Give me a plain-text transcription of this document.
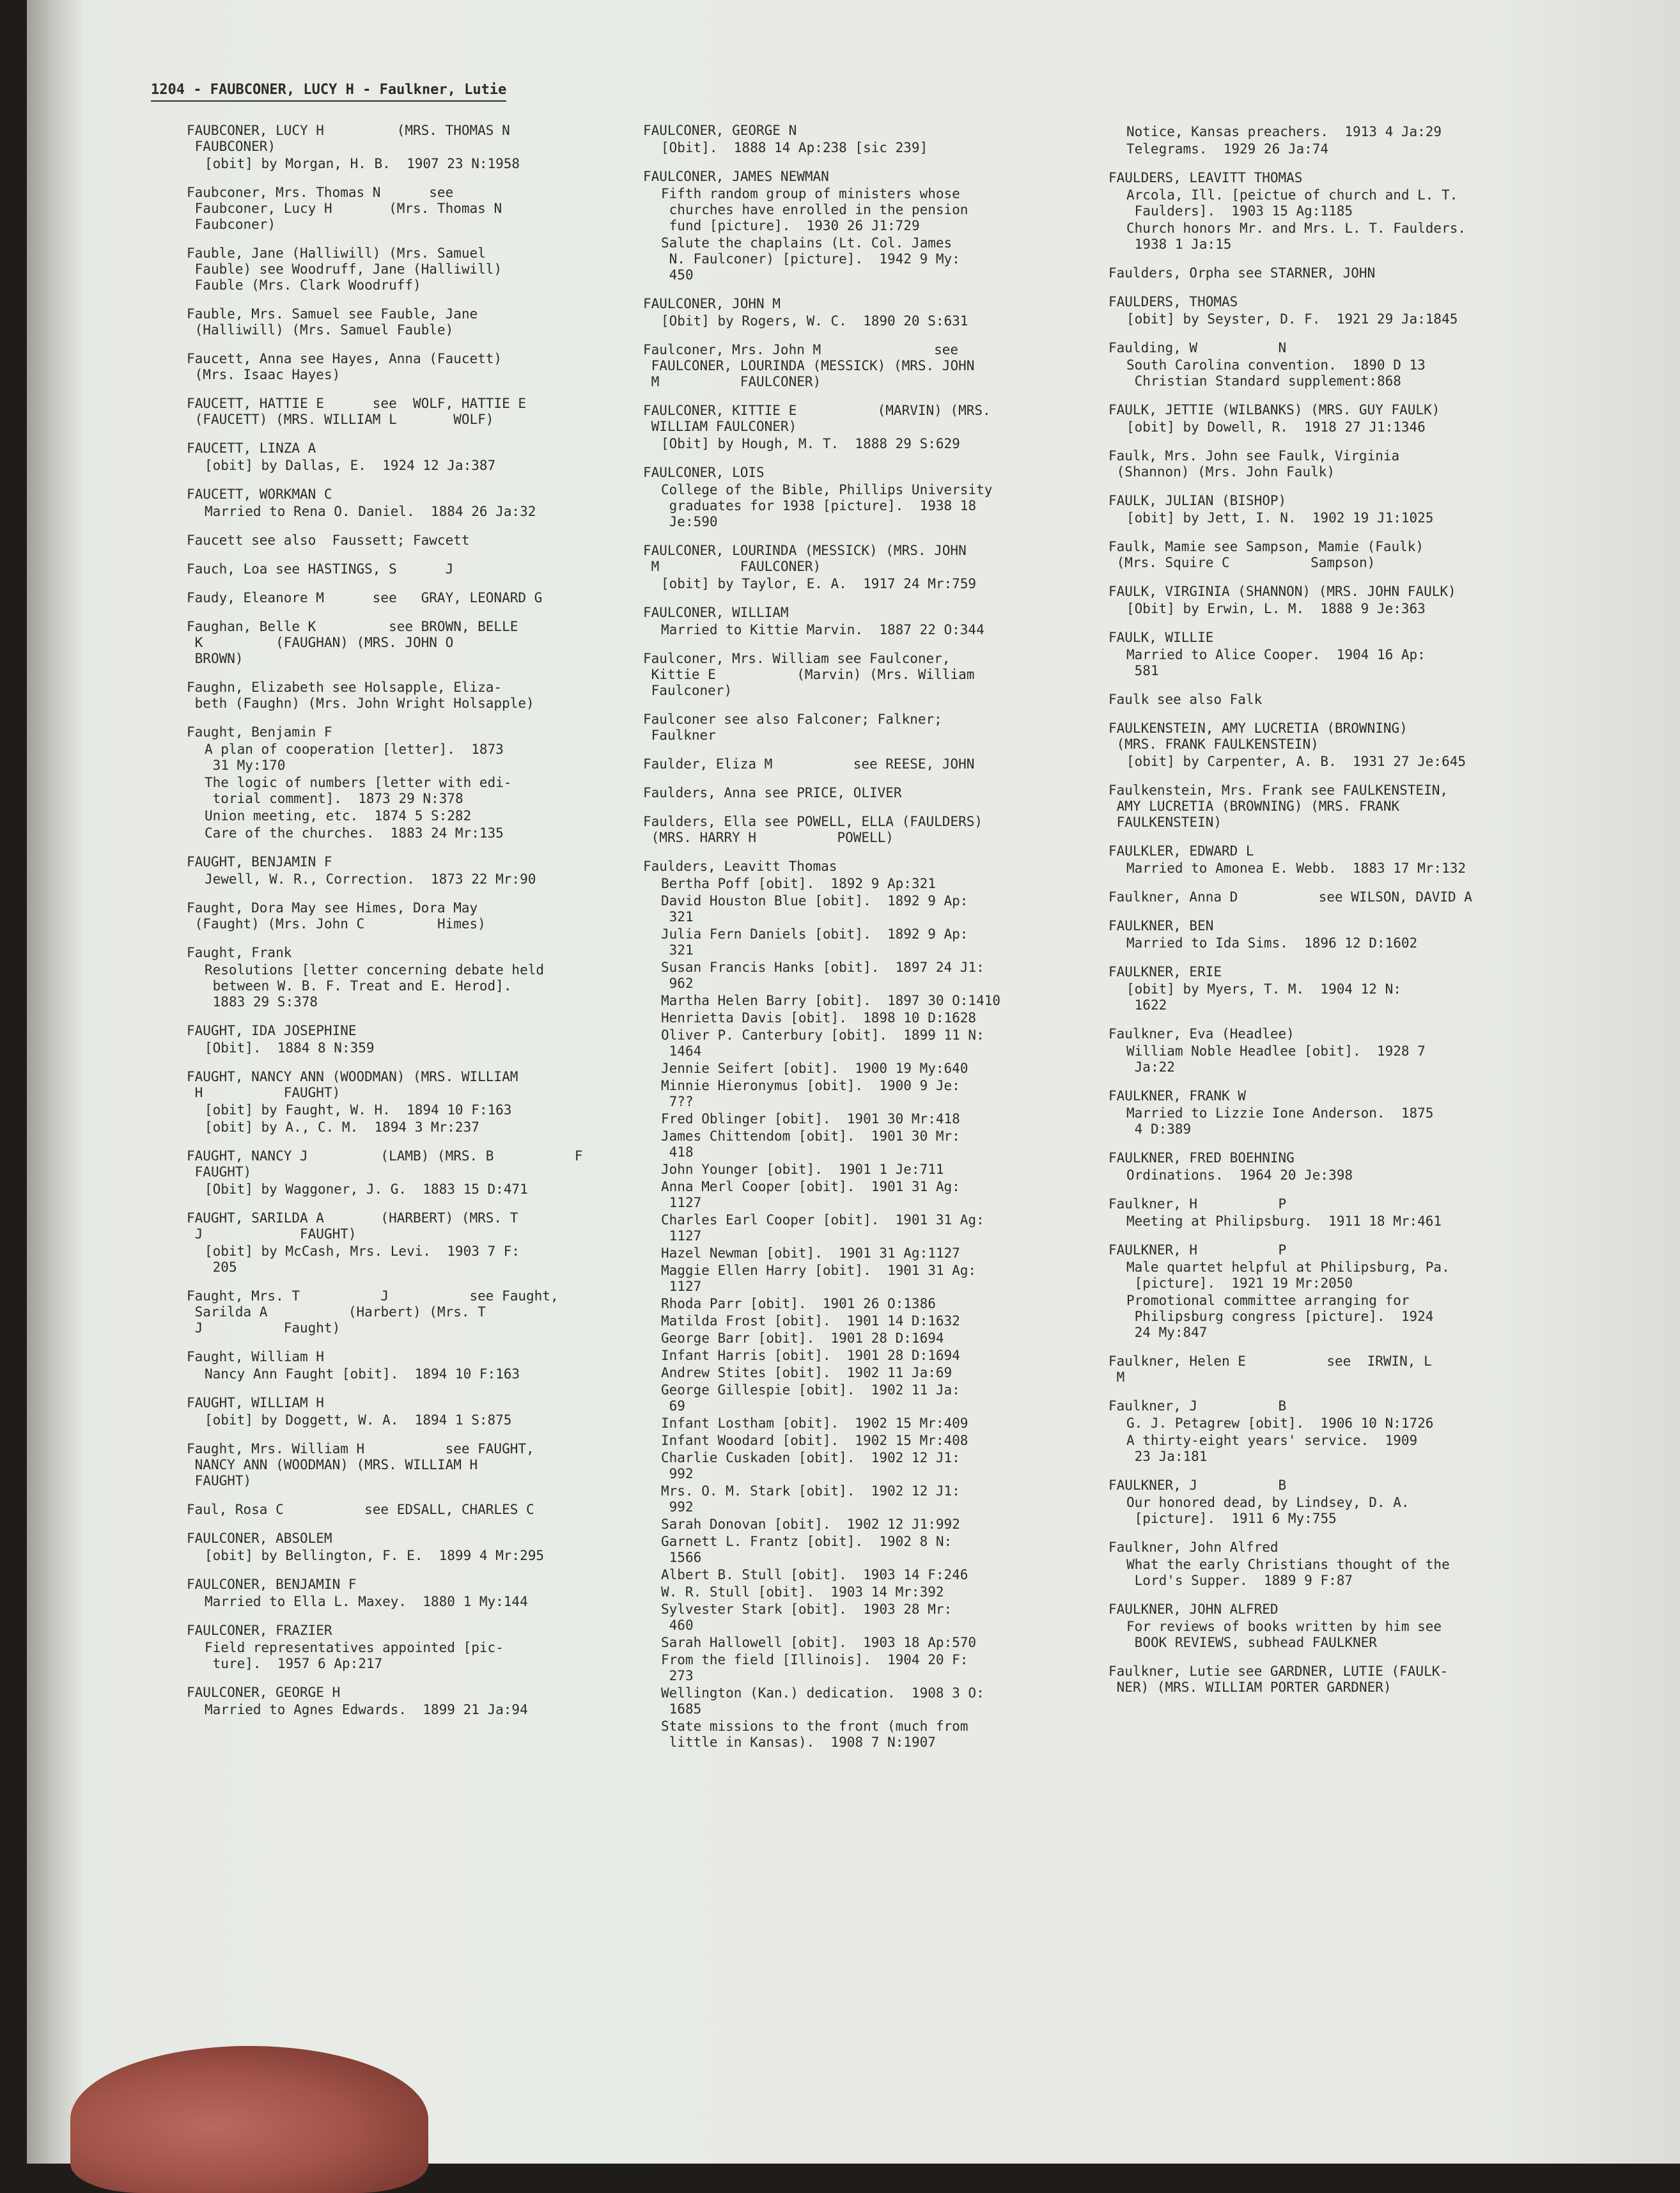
1204 - FAUBCONER, LUCY H - Faulkner, Lutie
FAUBCONER, LUCY H         (MRS. THOMAS N
FAUBCONER)
[obit] by Morgan, H. B.  1907 23 N:1958
Faubconer, Mrs. Thomas N      see
Faubconer, Lucy H       (Mrs. Thomas N
Faubconer)
Fauble, Jane (Halliwill) (Mrs. Samuel
Fauble) see Woodruff, Jane (Halliwill)
Fauble (Mrs. Clark Woodruff)
Fauble, Mrs. Samuel see Fauble, Jane
(Halliwill) (Mrs. Samuel Fauble)
Faucett, Anna see Hayes, Anna (Faucett)
(Mrs. Isaac Hayes)
FAUCETT, HATTIE E      see  WOLF, HATTIE E
(FAUCETT) (MRS. WILLIAM L       WOLF)
FAUCETT, LINZA A
[obit] by Dallas, E.  1924 12 Ja:387
FAUCETT, WORKMAN C
Married to Rena O. Daniel.  1884 26 Ja:32
Faucett see also  Faussett; Fawcett
Fauch, Loa see HASTINGS, S      J
Faudy, Eleanore M      see   GRAY, LEONARD G
Faughan, Belle K         see BROWN, BELLE
K         (FAUGHAN) (MRS. JOHN O
BROWN)
Faughn, Elizabeth see Holsapple, Eliza-
beth (Faughn) (Mrs. John Wright Holsapple)
Faught, Benjamin F
A plan of cooperation [letter].  1873
31 My:170
The logic of numbers [letter with edi-
torial comment].  1873 29 N:378
Union meeting, etc.  1874 5 S:282
Care of the churches.  1883 24 Mr:135
FAUGHT, BENJAMIN F
Jewell, W. R., Correction.  1873 22 Mr:90
Faught, Dora May see Himes, Dora May
(Faught) (Mrs. John C         Himes)
Faught, Frank
Resolutions [letter concerning debate held
between W. B. F. Treat and E. Herod].
1883 29 S:378
FAUGHT, IDA JOSEPHINE
[Obit].  1884 8 N:359
FAUGHT, NANCY ANN (WOODMAN) (MRS. WILLIAM
H          FAUGHT)
[obit] by Faught, W. H.  1894 10 F:163
[obit] by A., C. M.  1894 3 Mr:237
FAUGHT, NANCY J         (LAMB) (MRS. B          F
FAUGHT)
[Obit] by Waggoner, J. G.  1883 15 D:471
FAUGHT, SARILDA A       (HARBERT) (MRS. T
J            FAUGHT)
[obit] by McCash, Mrs. Levi.  1903 7 F:
205
Faught, Mrs. T          J          see Faught,
Sarilda A          (Harbert) (Mrs. T
J          Faught)
Faught, William H
Nancy Ann Faught [obit].  1894 10 F:163
FAUGHT, WILLIAM H
[obit] by Doggett, W. A.  1894 1 S:875
Faught, Mrs. William H          see FAUGHT,
NANCY ANN (WOODMAN) (MRS. WILLIAM H
FAUGHT)
Faul, Rosa C          see EDSALL, CHARLES C
FAULCONER, ABSOLEM
[obit] by Bellington, F. E.  1899 4 Mr:295
FAULCONER, BENJAMIN F
Married to Ella L. Maxey.  1880 1 My:144
FAULCONER, FRAZIER
Field representatives appointed [pic-
ture].  1957 6 Ap:217
FAULCONER, GEORGE H
Married to Agnes Edwards.  1899 21 Ja:94
FAULCONER, GEORGE N
[Obit].  1888 14 Ap:238 [sic 239]
FAULCONER, JAMES NEWMAN
Fifth random group of ministers whose
churches have enrolled in the pension
fund [picture].  1930 26 J1:729
Salute the chaplains (Lt. Col. James
N. Faulconer) [picture].  1942 9 My:
450
FAULCONER, JOHN M
[Obit] by Rogers, W. C.  1890 20 S:631
Faulconer, Mrs. John M              see
FAULCONER, LOURINDA (MESSICK) (MRS. JOHN
M          FAULCONER)
FAULCONER, KITTIE E          (MARVIN) (MRS.
WILLIAM FAULCONER)
[Obit] by Hough, M. T.  1888 29 S:629
FAULCONER, LOIS
College of the Bible, Phillips University
graduates for 1938 [picture].  1938 18
Je:590
FAULCONER, LOURINDA (MESSICK) (MRS. JOHN
M          FAULCONER)
[obit] by Taylor, E. A.  1917 24 Mr:759
FAULCONER, WILLIAM
Married to Kittie Marvin.  1887 22 O:344
Faulconer, Mrs. William see Faulconer,
Kittie E          (Marvin) (Mrs. William
Faulconer)
Faulconer see also Falconer; Falkner;
Faulkner
Faulder, Eliza M          see REESE, JOHN
Faulders, Anna see PRICE, OLIVER
Faulders, Ella see POWELL, ELLA (FAULDERS)
(MRS. HARRY H          POWELL)
Faulders, Leavitt Thomas
Bertha Poff [obit].  1892 9 Ap:321
David Houston Blue [obit].  1892 9 Ap:
321
Julia Fern Daniels [obit].  1892 9 Ap:
321
Susan Francis Hanks [obit].  1897 24 J1:
962
Martha Helen Barry [obit].  1897 30 O:1410
Henrietta Davis [obit].  1898 10 D:1628
Oliver P. Canterbury [obit].  1899 11 N:
1464
Jennie Seifert [obit].  1900 19 My:640
Minnie Hieronymus [obit].  1900 9 Je:
7??
Fred Oblinger [obit].  1901 30 Mr:418
James Chittendom [obit].  1901 30 Mr:
418
John Younger [obit].  1901 1 Je:711
Anna Merl Cooper [obit].  1901 31 Ag:
1127
Charles Earl Cooper [obit].  1901 31 Ag:
1127
Hazel Newman [obit].  1901 31 Ag:1127
Maggie Ellen Harry [obit].  1901 31 Ag:
1127
Rhoda Parr [obit].  1901 26 O:1386
Matilda Frost [obit].  1901 14 D:1632
George Barr [obit].  1901 28 D:1694
Infant Harris [obit].  1901 28 D:1694
Andrew Stites [obit].  1902 11 Ja:69
George Gillespie [obit].  1902 11 Ja:
69
Infant Lostham [obit].  1902 15 Mr:409
Infant Woodard [obit].  1902 15 Mr:408
Charlie Cuskaden [obit].  1902 12 J1:
992
Mrs. O. M. Stark [obit].  1902 12 J1:
992
Sarah Donovan [obit].  1902 12 J1:992
Garnett L. Frantz [obit].  1902 8 N:
1566
Albert B. Stull [obit].  1903 14 F:246
W. R. Stull [obit].  1903 14 Mr:392
Sylvester Stark [obit].  1903 28 Mr:
460
Sarah Hallowell [obit].  1903 18 Ap:570
From the field [Illinois].  1904 20 F:
273
Wellington (Kan.) dedication.  1908 3 O:
1685
State missions to the front (much from
little in Kansas).  1908 7 N:1907
Notice, Kansas preachers.  1913 4 Ja:29
Telegrams.  1929 26 Ja:74
FAULDERS, LEAVITT THOMAS
Arcola, Ill. [peictue of church and L. T.
Faulders].  1903 15 Ag:1185
Church honors Mr. and Mrs. L. T. Faulders.
1938 1 Ja:15
Faulders, Orpha see STARNER, JOHN
FAULDERS, THOMAS
[obit] by Seyster, D. F.  1921 29 Ja:1845
Faulding, W          N
South Carolina convention.  1890 D 13
Christian Standard supplement:868
FAULK, JETTIE (WILBANKS) (MRS. GUY FAULK)
[obit] by Dowell, R.  1918 27 J1:1346
Faulk, Mrs. John see Faulk, Virginia
(Shannon) (Mrs. John Faulk)
FAULK, JULIAN (BISHOP)
[obit] by Jett, I. N.  1902 19 J1:1025
Faulk, Mamie see Sampson, Mamie (Faulk)
(Mrs. Squire C          Sampson)
FAULK, VIRGINIA (SHANNON) (MRS. JOHN FAULK)
[Obit] by Erwin, L. M.  1888 9 Je:363
FAULK, WILLIE
Married to Alice Cooper.  1904 16 Ap:
581
Faulk see also Falk
FAULKENSTEIN, AMY LUCRETIA (BROWNING)
(MRS. FRANK FAULKENSTEIN)
[obit] by Carpenter, A. B.  1931 27 Je:645
Faulkenstein, Mrs. Frank see FAULKENSTEIN,
AMY LUCRETIA (BROWNING) (MRS. FRANK
FAULKENSTEIN)
FAULKLER, EDWARD L
Married to Amonea E. Webb.  1883 17 Mr:132
Faulkner, Anna D          see WILSON, DAVID A
FAULKNER, BEN
Married to Ida Sims.  1896 12 D:1602
FAULKNER, ERIE
[obit] by Myers, T. M.  1904 12 N:
1622
Faulkner, Eva (Headlee)
William Noble Headlee [obit].  1928 7
Ja:22
FAULKNER, FRANK W
Married to Lizzie Ione Anderson.  1875
4 D:389
FAULKNER, FRED BOEHNING
Ordinations.  1964 20 Je:398
Faulkner, H          P
Meeting at Philipsburg.  1911 18 Mr:461
FAULKNER, H          P
Male quartet helpful at Philipsburg, Pa.
[picture].  1921 19 Mr:2050
Promotional committee arranging for
Philipsburg congress [picture].  1924
24 My:847
Faulkner, Helen E          see  IRWIN, L
M
Faulkner, J          B
G. J. Petagrew [obit].  1906 10 N:1726
A thirty-eight years' service.  1909
23 Ja:181
FAULKNER, J          B
Our honored dead, by Lindsey, D. A.
[picture].  1911 6 My:755
Faulkner, John Alfred
What the early Christians thought of the
Lord's Supper.  1889 9 F:87
FAULKNER, JOHN ALFRED
For reviews of books written by him see
BOOK REVIEWS, subhead FAULKNER
Faulkner, Lutie see GARDNER, LUTIE (FAULK-
NER) (MRS. WILLIAM PORTER GARDNER)
